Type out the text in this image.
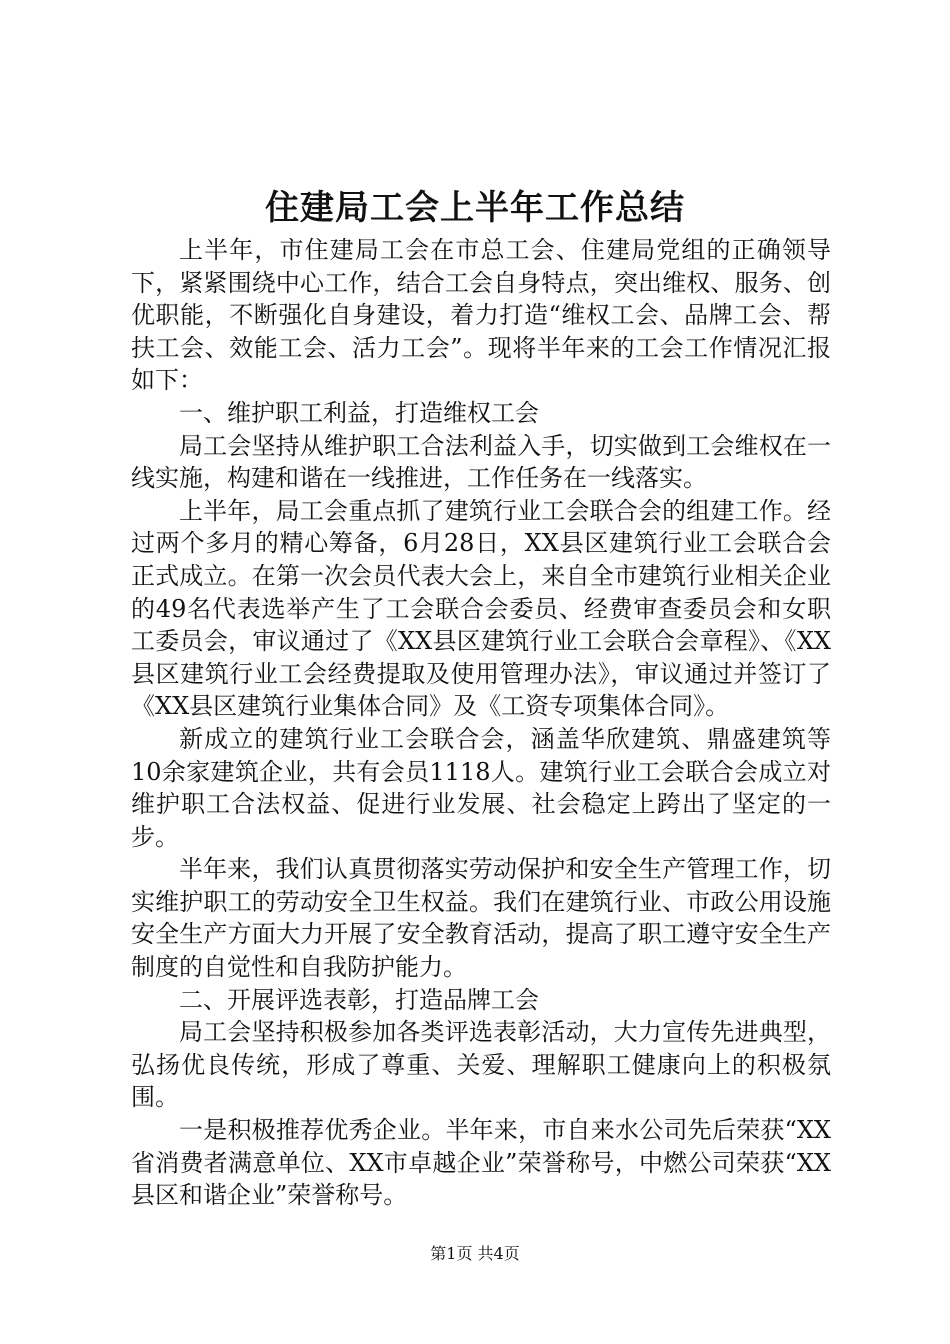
住建局工会上半年工作总结

上半年，市住建局工会在市总工会、住建局党组的正确领导下，紧紧围绕中心工作，结合工会自身特点，突出维权、服务、创优职能，不断强化自身建设，着力打造“维权工会、品牌工会、帮扶工会、效能工会、活力工会”。现将半年来的工会工作情况汇报如下：

一、维护职工利益，打造维权工会

局工会坚持从维护职工合法利益入手，切实做到工会维权在一线实施，构建和谐在一线推进，工作任务在一线落实。

上半年，局工会重点抓了建筑行业工会联合会的组建工作。经过两个多月的精心筹备，6月28日，XX县区建筑行业工会联合会正式成立。在第一次会员代表大会上，来自全市建筑行业相关企业的49名代表选举产生了工会联合会委员、经费审查委员会和女职工委员会，审议通过了《XX县区建筑行业工会联合会章程》、《XX县区建筑行业工会经费提取及使用管理办法》，审议通过并签订了《XX县区建筑行业集体合同》及《工资专项集体合同》。

新成立的建筑行业工会联合会，涵盖华欣建筑、鼎盛建筑等10余家建筑企业，共有会员1118人。建筑行业工会联合会成立对维护职工合法权益、促进行业发展、社会稳定上跨出了坚定的一步。

半年来，我们认真贯彻落实劳动保护和安全生产管理工作，切实维护职工的劳动安全卫生权益。我们在建筑行业、市政公用设施安全生产方面大力开展了安全教育活动，提高了职工遵守安全生产制度的自觉性和自我防护能力。

二、开展评选表彰，打造品牌工会

局工会坚持积极参加各类评选表彰活动，大力宣传先进典型，弘扬优良传统，形成了尊重、关爱、理解职工健康向上的积极氛围。

一是积极推荐优秀企业。半年来，市自来水公司先后荣获“XX省消费者满意单位、XX市卓越企业”荣誉称号，中燃公司荣获“XX县区和谐企业”荣誉称号。

第1页 共4页
